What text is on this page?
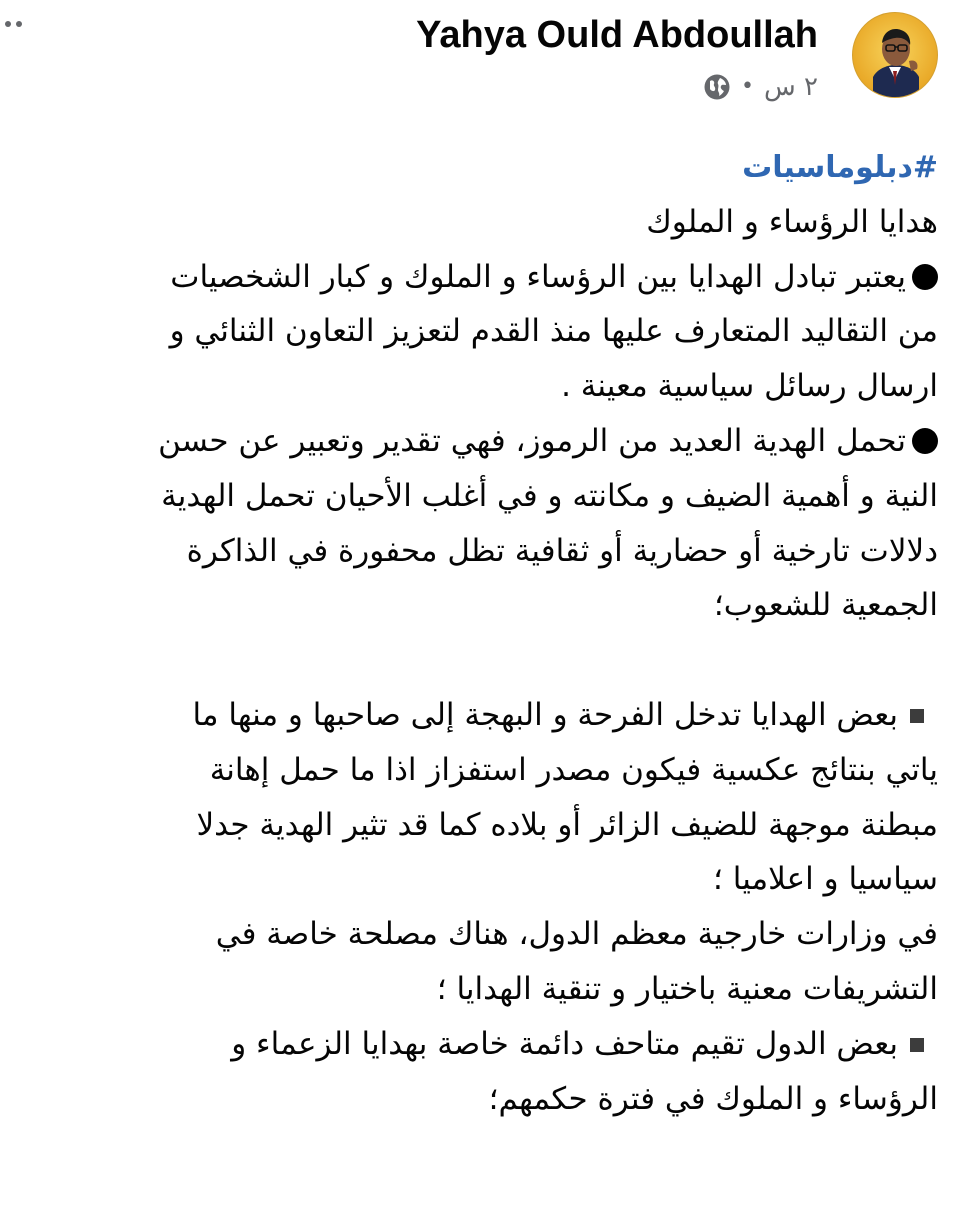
Yahya Ould Abdoullah
٢ س
•
#دبلوماسيات
هدايا الرؤساء و الملوك
يعتبر تبادل الهدايا بين الرؤساء و الملوك و كبار الشخصيات
من التقاليد المتعارف عليها منذ القدم لتعزيز التعاون الثنائي و
ارسال رسائل سياسية معينة .
تحمل الهدية العديد من الرموز، فهي تقدير وتعبير عن حسن
النية و أهمية الضيف و مكانته و في أغلب الأحيان تحمل الهدية
دلالات تارخية أو حضارية أو ثقافية تظل محفورة في الذاكرة
الجمعية للشعوب؛
بعض الهدايا تدخل الفرحة و البهجة إلى صاحبها و منها ما
ياتي بنتائج عكسية فيكون مصدر استفزاز اذا ما حمل إهانة
مبطنة موجهة للضيف الزائر أو بلاده كما قد تثير الهدية جدلا
سياسيا و اعلاميا ؛
في وزارات خارجية معظم الدول، هناك مصلحة خاصة في
التشريفات معنية باختيار و تنقية الهدايا ؛
بعض الدول تقيم متاحف دائمة خاصة بهدايا الزعماء و
الرؤساء و الملوك في فترة حكمهم؛
